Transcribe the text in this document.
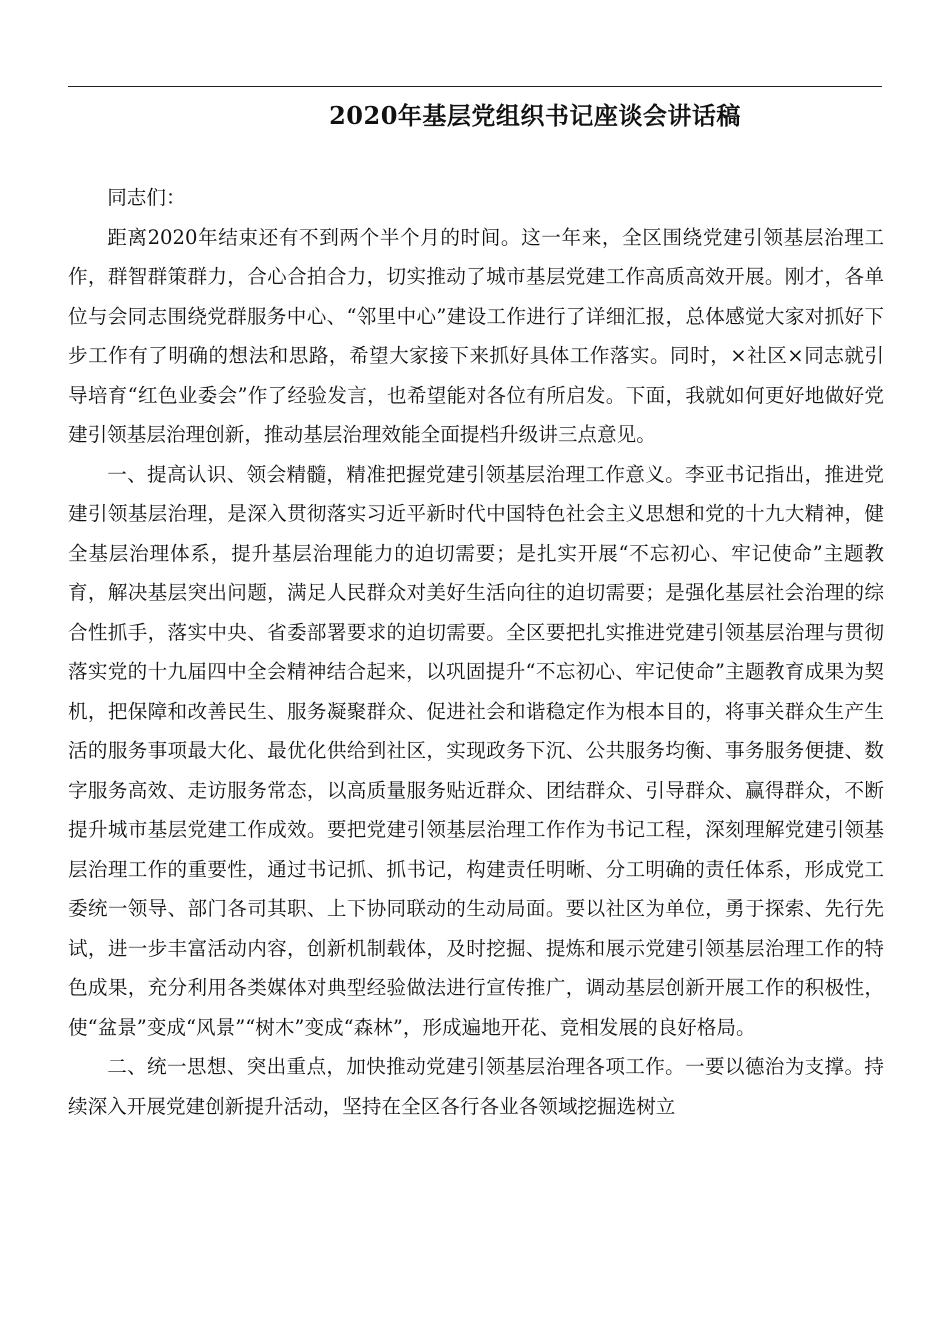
2020年基层党组织书记座谈会讲话稿

同志们：

距离2020年结束还有不到两个半个月的时间。这一年来，全区围绕党建引领基层治理工作，群智群策群力，合心合拍合力，切实推动了城市基层党建工作高质高效开展。刚才，各单位与会同志围绕党群服务中心、“邻里中心”建设工作进行了详细汇报，总体感觉大家对抓好下步工作有了明确的想法和思路，希望大家接下来抓好具体工作落实。同时，×社区×同志就引导培育“红色业委会”作了经验发言，也希望能对各位有所启发。下面，我就如何更好地做好党建引领基层治理创新，推动基层治理效能全面提档升级讲三点意见。

一、提高认识、领会精髓，精准把握党建引领基层治理工作意义。李亚书记指出，推进党建引领基层治理，是深入贯彻落实习近平新时代中国特色社会主义思想和党的十九大精神，健全基层治理体系，提升基层治理能力的迫切需要；是扎实开展“不忘初心、牢记使命”主题教育，解决基层突出问题，满足人民群众对美好生活向往的迫切需要；是强化基层社会治理的综合性抓手，落实中央、省委部署要求的迫切需要。全区要把扎实推进党建引领基层治理与贯彻落实党的十九届四中全会精神结合起来，以巩固提升“不忘初心、牢记使命”主题教育成果为契机，把保障和改善民生、服务凝聚群众、促进社会和谐稳定作为根本目的，将事关群众生产生活的服务事项最大化、最优化供给到社区，实现政务下沉、公共服务均衡、事务服务便捷、数字服务高效、走访服务常态，以高质量服务贴近群众、团结群众、引导群众、赢得群众，不断提升城市基层党建工作成效。要把党建引领基层治理工作作为书记工程，深刻理解党建引领基层治理工作的重要性，通过书记抓、抓书记，构建责任明晰、分工明确的责任体系，形成党工委统一领导、部门各司其职、上下协同联动的生动局面。要以社区为单位，勇于探索、先行先试，进一步丰富活动内容，创新机制载体，及时挖掘、提炼和展示党建引领基层治理工作的特色成果，充分利用各类媒体对典型经验做法进行宣传推广，调动基层创新开展工作的积极性，使“盆景”变成“风景”“树木”变成“森林”，形成遍地开花、竞相发展的良好格局。

二、统一思想、突出重点，加快推动党建引领基层治理各项工作。一要以德治为支撑。持续深入开展党建创新提升活动，坚持在全区各行各业各领域挖掘选树立
